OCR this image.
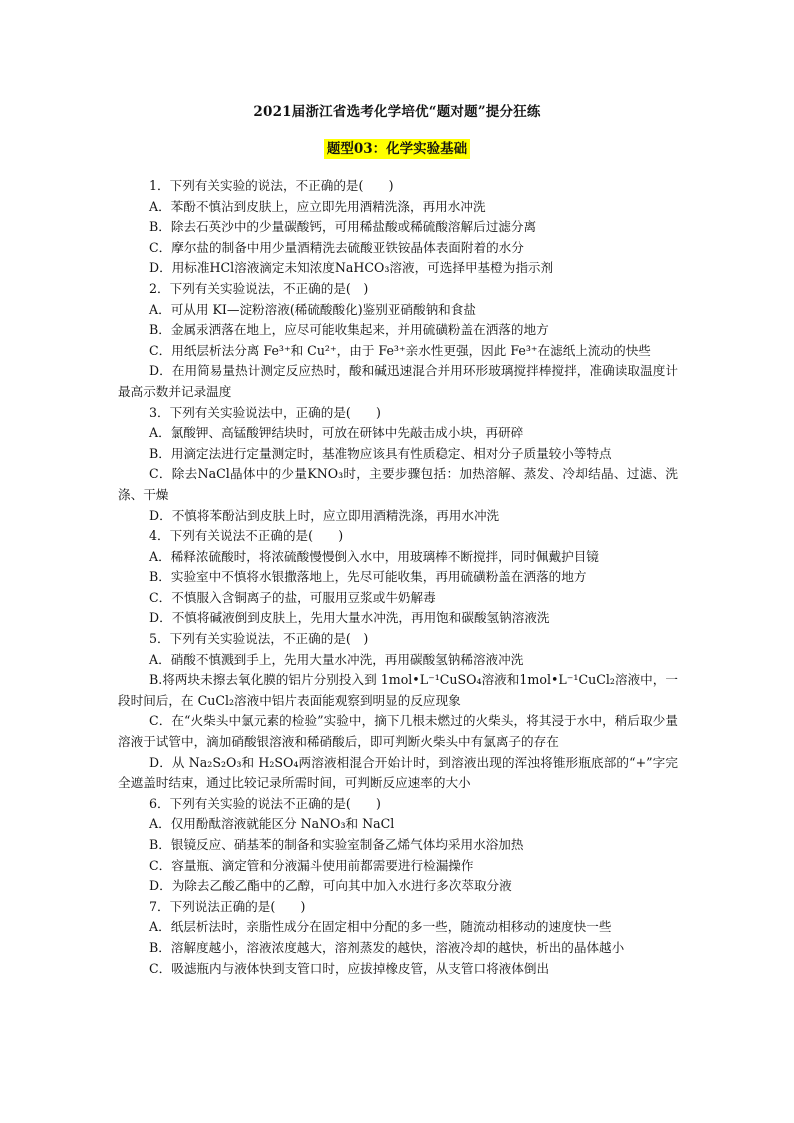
2021届浙江省选考化学培优“题对题”提分狂练
题型03：化学实验基础

1．下列有关实验的说法，不正确的是(　　)

A．苯酚不慎沾到皮肤上，应立即先用酒精洗涤，再用水冲洗

B．除去石英沙中的少量碳酸钙，可用稀盐酸或稀硫酸溶解后过滤分离

C．摩尔盐的制备中用少量酒精洗去硫酸亚铁铵晶体表面附着的水分

D．用标准HCl溶液滴定未知浓度NaHCO₃溶液，可选择甲基橙为指示剂

2．下列有关实验说法，不正确的是(　)

A．可从用 KI—淀粉溶液(稀硫酸酸化)鉴别亚硝酸钠和食盐

B．金属汞洒落在地上，应尽可能收集起来，并用硫磺粉盖在洒落的地方

C．用纸层析法分离 Fe³⁺和 Cu²⁺，由于 Fe³⁺亲水性更强，因此 Fe³⁺在滤纸上流动的快些

D．在用简易量热计测定反应热时，酸和碱迅速混合并用环形玻璃搅拌棒搅拌，准确读取温度计最高示数并记录温度

3．下列有关实验说法中，正确的是(　　)

A．氯酸钾、高锰酸钾结块时，可放在研钵中先敲击成小块，再研碎

B．用滴定法进行定量测定时，基准物应该具有性质稳定、相对分子质量较小等特点

C．除去NaCl晶体中的少量KNO₃时，主要步骤包括：加热溶解、蒸发、冷却结晶、过滤、洗涤、干燥

D．不慎将苯酚沾到皮肤上时，应立即用酒精洗涤，再用水冲洗

4．下列有关说法不正确的是(　　)

A．稀释浓硫酸时，将浓硫酸慢慢倒入水中，用玻璃棒不断搅拌，同时佩戴护目镜

B．实验室中不慎将水银撒落地上，先尽可能收集，再用硫磺粉盖在洒落的地方

C．不慎服入含铜离子的盐，可服用豆浆或牛奶解毒

D．不慎将碱液倒到皮肤上，先用大量水冲洗，再用饱和碳酸氢钠溶液洗

5．下列有关实验说法，不正确的是(　)

A．硝酸不慎溅到手上，先用大量水冲洗，再用碳酸氢钠稀溶液冲洗

B.将两块未擦去氧化膜的铝片分别投入到 1mol•L⁻¹CuSO₄溶液和1mol•L⁻¹CuCl₂溶液中，一段时间后，在 CuCl₂溶液中铝片表面能观察到明显的反应现象

C．在“火柴头中氯元素的检验”实验中，摘下几根未燃过的火柴头，将其浸于水中，稍后取少量溶液于试管中，滴加硝酸银溶液和稀硝酸后，即可判断火柴头中有氯离子的存在

D．从 Na₂S₂O₃和 H₂SO₄两溶液相混合开始计时，到溶液出现的浑浊将锥形瓶底部的“+”字完全遮盖时结束，通过比较记录所需时间，可判断反应速率的大小

6．下列有关实验的说法不正确的是(　　)

A．仅用酚酞溶液就能区分 NaNO₃和 NaCl

B．银镜反应、硝基苯的制备和实验室制备乙烯气体均采用水浴加热

C．容量瓶、滴定管和分液漏斗使用前都需要进行检漏操作

D．为除去乙酸乙酯中的乙醇，可向其中加入水进行多次萃取分液

7．下列说法正确的是(　　)

A．纸层析法时，亲脂性成分在固定相中分配的多一些，随流动相移动的速度快一些

B．溶解度越小，溶液浓度越大，溶剂蒸发的越快，溶液冷却的越快，析出的晶体越小

C．吸滤瓶内与液体快到支管口时，应拔掉橡皮管，从支管口将液体倒出
